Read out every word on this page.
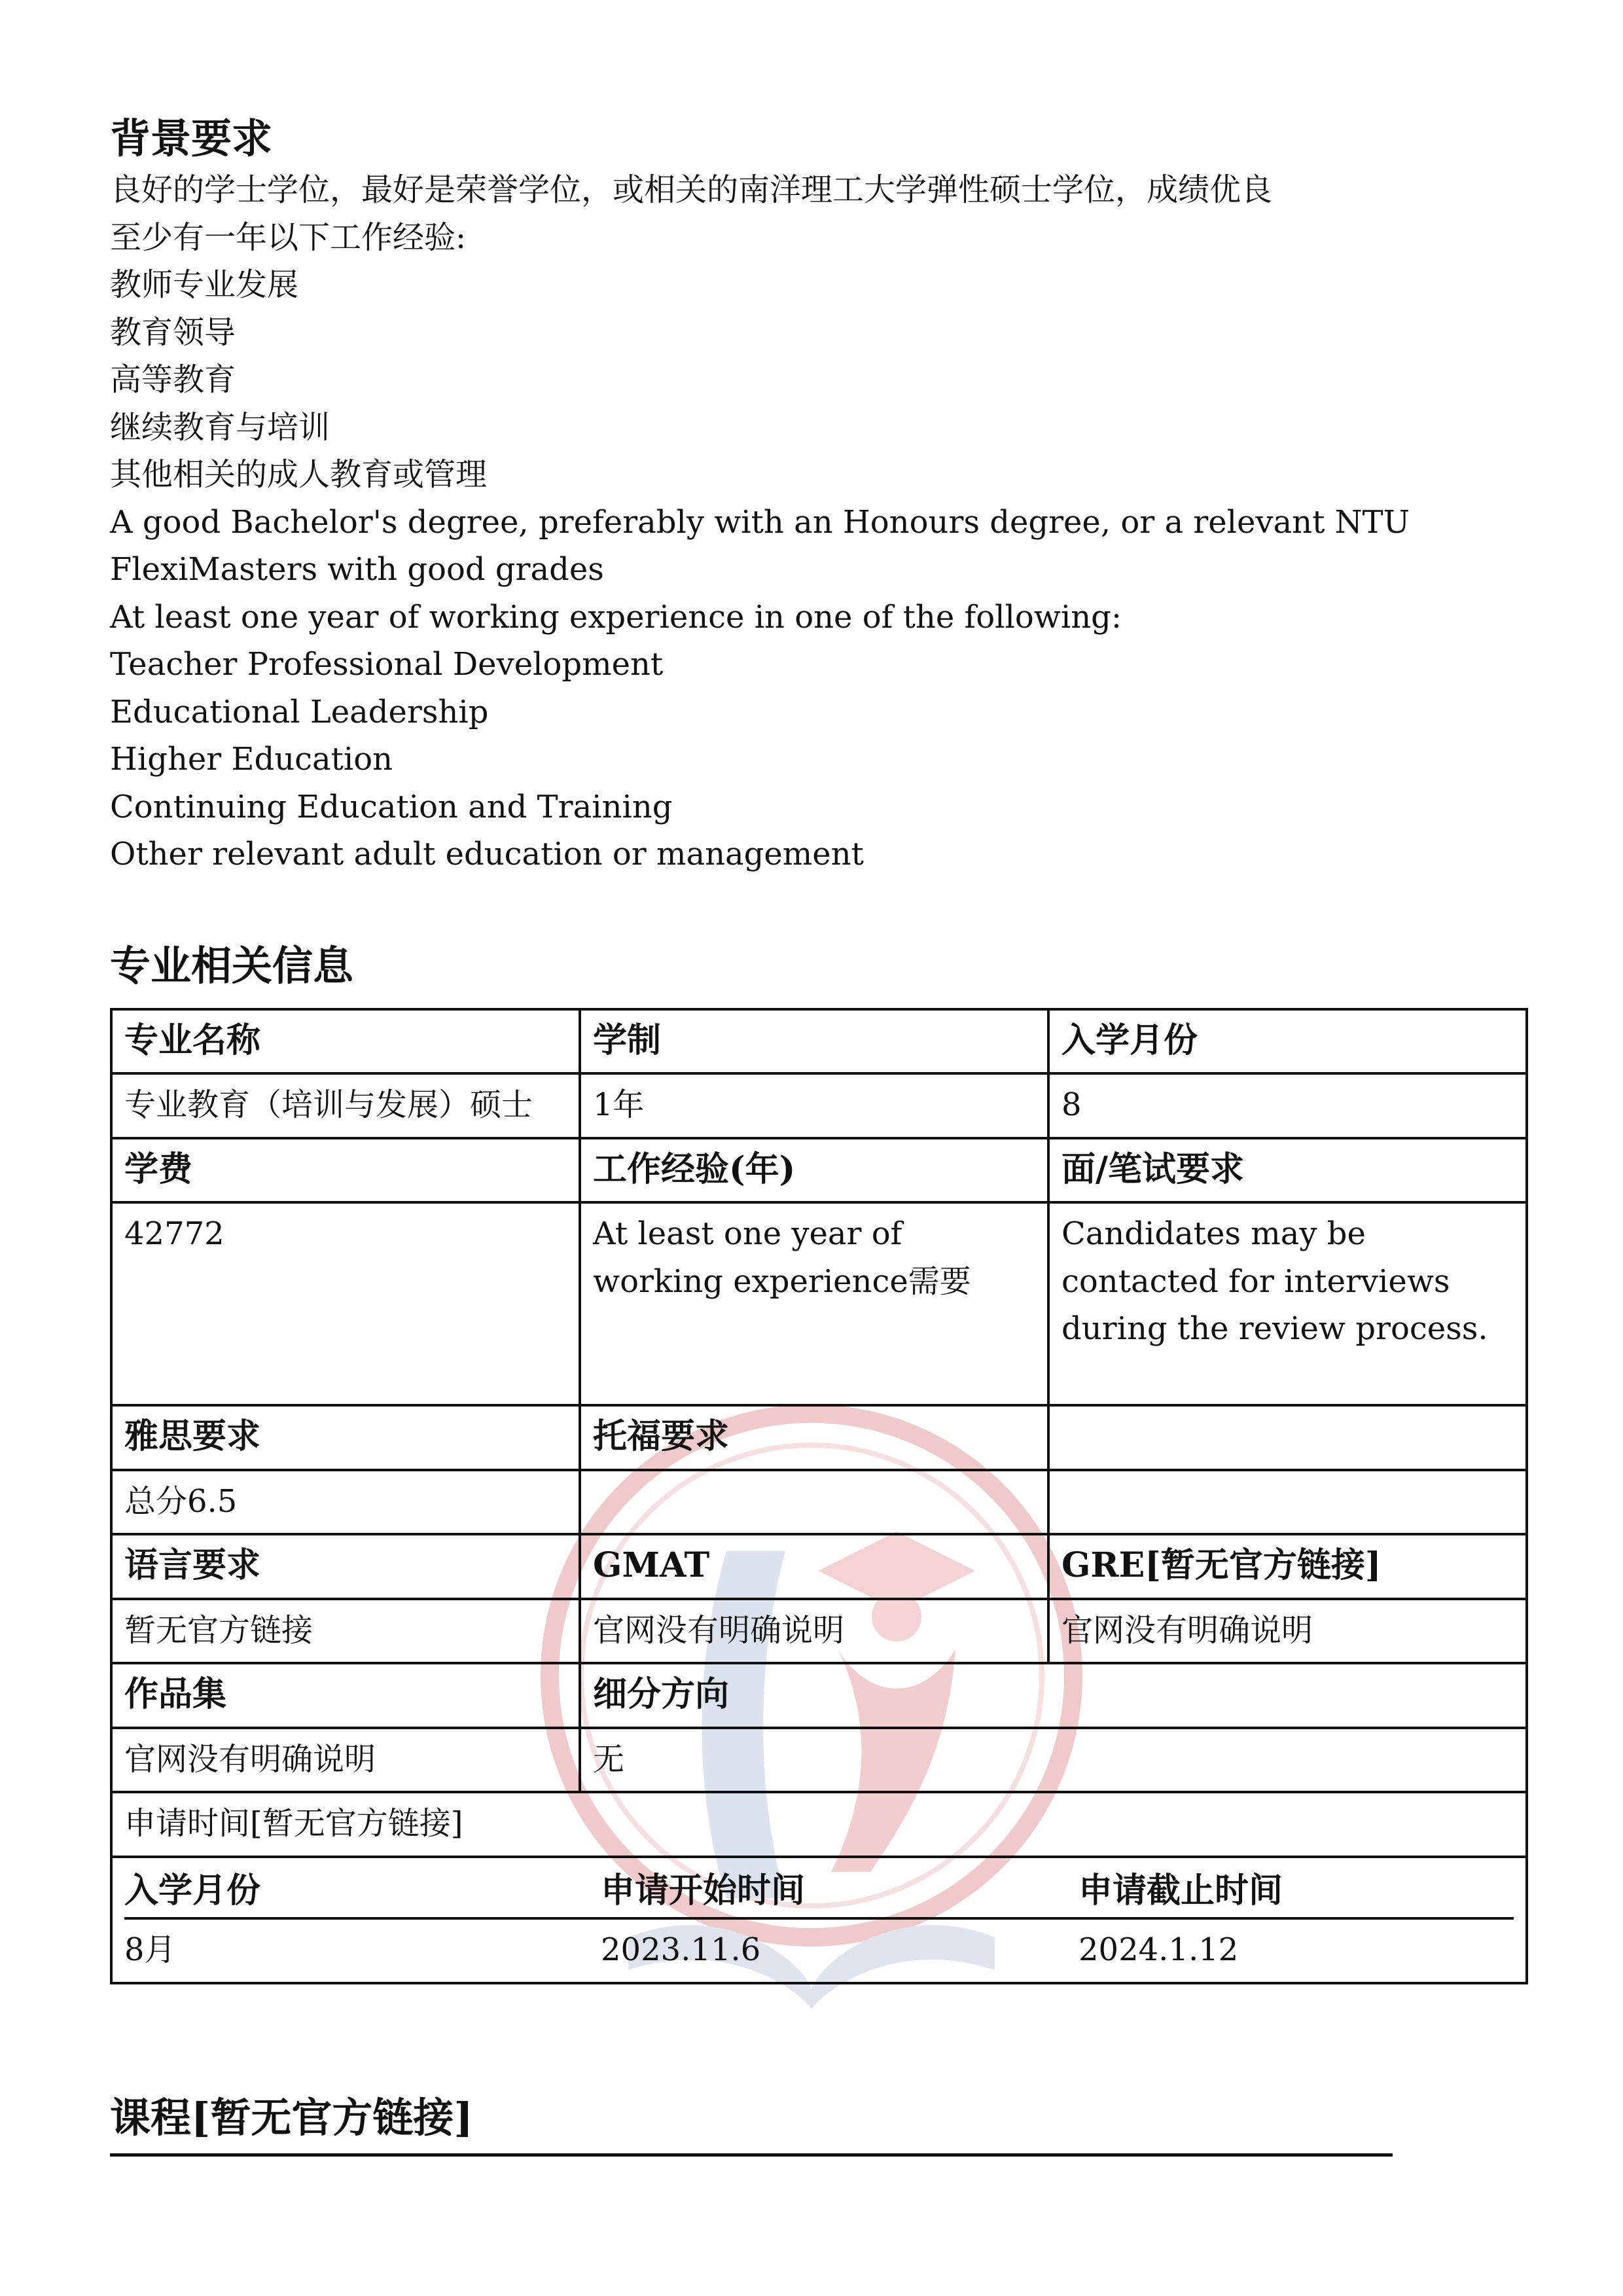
背景要求
良好的学士学位，最好是荣誉学位，或相关的南洋理工大学弹性硕士学位，成绩优良
至少有一年以下工作经验:
教师专业发展
教育领导
高等教育
继续教育与培训
其他相关的成人教育或管理
A good Bachelor's degree, preferably with an Honours degree, or a relevant NTU
FlexiMasters with good grades
At least one year of working experience in one of the following:
Teacher Professional Development
Educational Leadership
Higher Education
Continuing Education and Training
Other relevant adult education or management
专业相关信息
专业名称	学制	入学月份
专业教育（培训与发展）硕士	1年	8
学费	工作经验(年)	面/笔试要求
42772	At least one year of working experience需要	Candidates may be contacted for interviews during the review process.
雅思要求	托福要求	
总分6.5		
语言要求	GMAT	GRE[暂无官方链接]
暂无官方链接	官网没有明确说明	官网没有明确说明
作品集	细分方向
官网没有明确说明	无
申请时间[暂无官方链接]

入学月份	申请开始时间	申请截止时间
8月	2023.11.6	2024.1.12
课程[暂无官方链接]
